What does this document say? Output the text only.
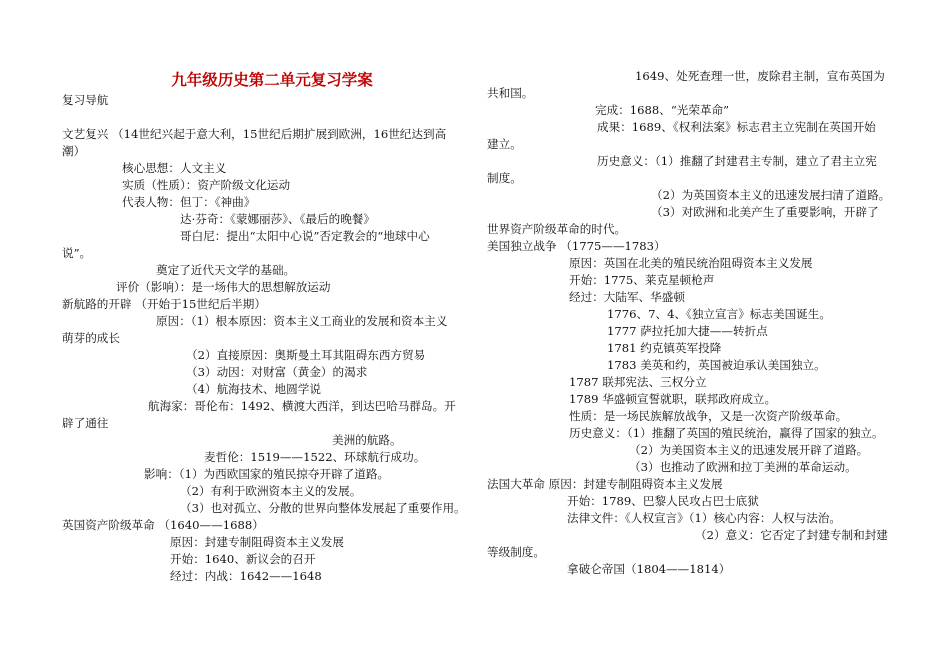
九年级历史第二单元复习学案
复习导航
文艺复兴 （14世纪兴起于意大利，15世纪后期扩展到欧洲，16世纪达到高
潮）
核心思想：人文主义
实质（性质）：资产阶级文化运动
代表人物：但丁：《神曲》
达·芬奇：《蒙娜丽莎》、《最后的晚餐》
哥白尼：提出“太阳中心说”否定教会的“地球中心
说”。
奠定了近代天文学的基础。
评价（影响）：是一场伟大的思想解放运动
新航路的开辟 （开始于15世纪后半期）
原因：（1）根本原因：资本主义工商业的发展和资本主义
萌芽的成长
（2）直接原因：奥斯曼土耳其阻碍东西方贸易
（3）动因：对财富（黄金）的渴求
（4）航海技术、地圆学说
航海家：哥伦布：1492、横渡大西洋，到达巴哈马群岛。开
辟了通往
美洲的航路。
麦哲伦：1519——1522、环球航行成功。
影响：（1）为西欧国家的殖民掠夺开辟了道路。
（2）有利于欧洲资本主义的发展。
（3）也对孤立、分散的世界向整体发展起了重要作用。
英国资产阶级革命 （1640——1688）
原因：封建专制阻碍资本主义发展
开始：1640、新议会的召开
经过：内战：1642——1648
1649、处死查理一世，废除君主制，宣布英国为
共和国。
完成：1688、“光荣革命”
成果：1689、《权利法案》标志君主立宪制在英国开始
建立。
历史意义：（1）推翻了封建君主专制，建立了君主立宪
制度。
（2）为英国资本主义的迅速发展扫清了道路。
（3）对欧洲和北美产生了重要影响，开辟了
世界资产阶级革命的时代。
美国独立战争 （1775——1783）
原因：英国在北美的殖民统治阻碍资本主义发展
开始：1775、莱克星顿枪声
经过：大陆军、华盛顿
1776、7、4、《独立宣言》标志美国诞生。
1777 萨拉托加大捷——转折点
1781 约克镇英军投降
1783 美英和约，英国被迫承认美国独立。
1787 联邦宪法、三权分立
1789 华盛顿宣誓就职，联邦政府成立。
性质：是一场民族解放战争，又是一次资产阶级革命。
历史意义：（1）推翻了英国的殖民统治，赢得了国家的独立。
（2）为美国资本主义的迅速发展开辟了道路。
（3）也推动了欧洲和拉丁美洲的革命运动。
法国大革命 原因：封建专制阻碍资本主义发展
开始：1789、巴黎人民攻占巴士底狱
法律文件：《人权宣言》（1）核心内容：人权与法治。
（2）意义：它否定了封建专制和封建
等级制度。
拿破仑帝国（1804——1814）
